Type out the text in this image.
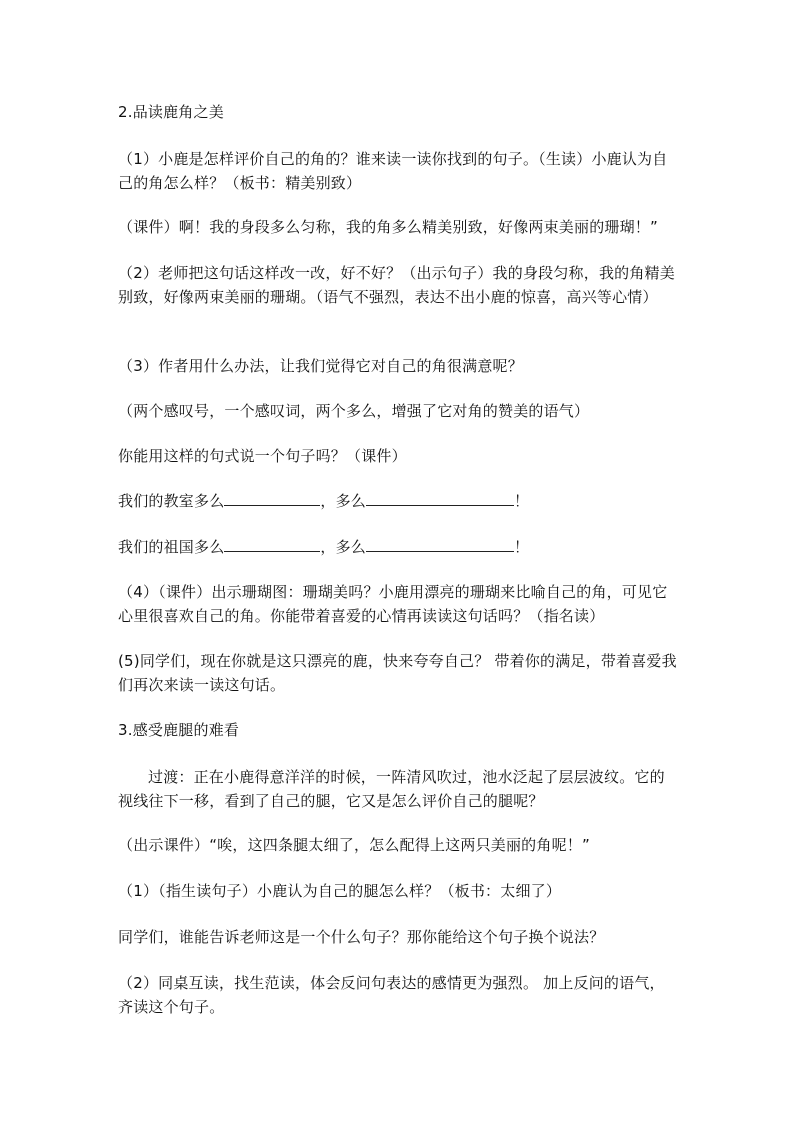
2.品读鹿角之美
（1）小鹿是怎样评价自己的角的？谁来读一读你找到的句子。（生读）小鹿认为自己的角怎么样？（板书：精美别致）
（课件）啊！我的身段多么匀称，我的角多么精美别致，好像两束美丽的珊瑚！”
（2）老师把这句话这样改一改，好不好？（出示句子）我的身段匀称，我的角精美别致，好像两束美丽的珊瑚。（语气不强烈，表达不出小鹿的惊喜，高兴等心情）
（3）作者用什么办法，让我们觉得它对自己的角很满意呢？
（两个感叹号，一个感叹词，两个多么，增强了它对角的赞美的语气）
你能用这样的句式说一个句子吗？（课件）
我们的教室多么	，多么	！
我们的祖国多么	，多么	！
（4）（课件）出示珊瑚图：珊瑚美吗？小鹿用漂亮的珊瑚来比喻自己的角，可见它心里很喜欢自己的角。你能带着喜爱的心情再读读这句话吗？（指名读）
(5)同学们，现在你就是这只漂亮的鹿，快来夸夸自己？ 带着你的满足，带着喜爱我们再次来读一读这句话。
3.感受鹿腿的难看
过渡：正在小鹿得意洋洋的时候，一阵清风吹过，池水泛起了层层波纹。它的视线往下一移，看到了自己的腿，它又是怎么评价自己的腿呢？
（出示课件）“唉，这四条腿太细了，怎么配得上这两只美丽的角呢！”
（1）（指生读句子）小鹿认为自己的腿怎么样？（板书：太细了）
同学们，谁能告诉老师这是一个什么句子？那你能给这个句子换个说法？
（2）同桌互读，找生范读，体会反问句表达的感情更为强烈。 加上反问的语气，齐读这个句子。
